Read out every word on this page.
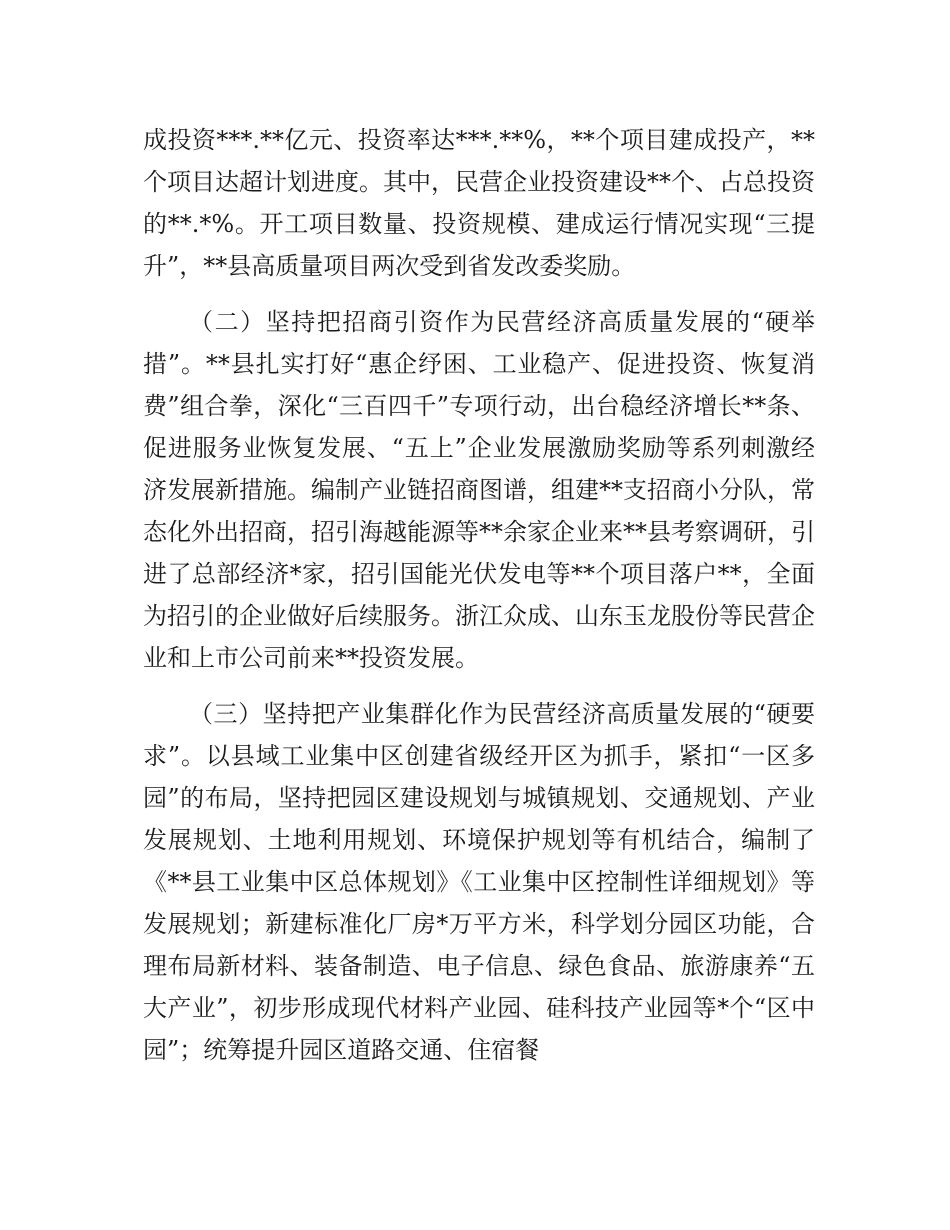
成投资***.**亿元、投资率达***.**%，**个项目建成投产，**个项目达超计划进度。其中，民营企业投资建设**个、占总投资的**.*%。开工项目数量、投资规模、建成运行情况实现“三提升”，**县高质量项目两次受到省发改委奖励。

（二）坚持把招商引资作为民营经济高质量发展的“硬举措”。**县扎实打好“惠企纾困、工业稳产、促进投资、恢复消费”组合拳，深化“三百四千”专项行动，出台稳经济增长**条、促进服务业恢复发展、“五上”企业发展激励奖励等系列刺激经济发展新措施。编制产业链招商图谱，组建**支招商小分队，常态化外出招商，招引海越能源等**余家企业来**县考察调研，引进了总部经济*家，招引国能光伏发电等**个项目落户**，全面为招引的企业做好后续服务。浙江众成、山东玉龙股份等民营企业和上市公司前来**投资发展。

（三）坚持把产业集群化作为民营经济高质量发展的“硬要求”。以县域工业集中区创建省级经开区为抓手，紧扣“一区多园”的布局，坚持把园区建设规划与城镇规划、交通规划、产业发展规划、土地利用规划、环境保护规划等有机结合，编制了《**县工业集中区总体规划》《工业集中区控制性详细规划》等发展规划；新建标准化厂房*万平方米，科学划分园区功能，合理布局新材料、装备制造、电子信息、绿色食品、旅游康养“五大产业”，初步形成现代材料产业园、硅科技产业园等*个“区中园”；统筹提升园区道路交通、住宿餐
